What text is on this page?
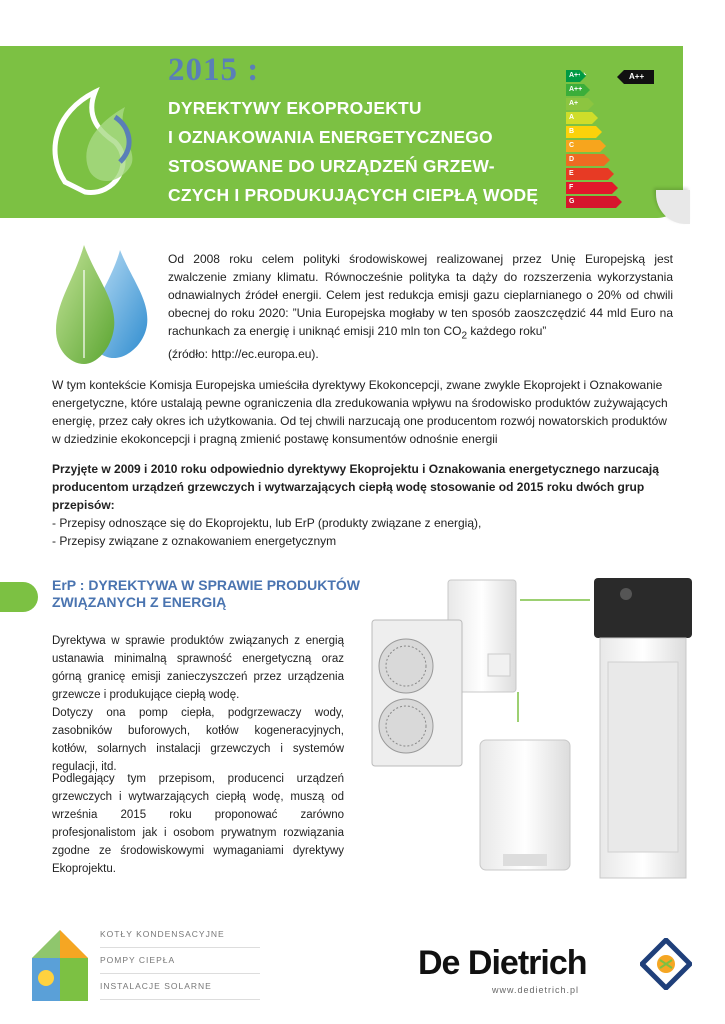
2015 :
DYREKTYWY EKOPROJEKTU
I OZNAKOWANIA ENERGETYCZNEGO
STOSOWANE DO URZĄDZEŃ GRZEW-
CZYCH I PRODUKUJĄCYCH CIEPŁĄ WODĘ
A+++
A++
A+
A
B
C
D
E
F
G
A++
Od 2008 roku celem polityki środowiskowej realizowanej przez Unię Europejską jest zwalczenie zmiany klimatu. Równocześnie polityka ta dąży do rozszerzenia wykorzystania odnawialnych źródeł energii. Celem jest redukcja emisji gazu cieplarnianego o 20% od chwili obecnej do roku 2020: ”Unia Europejska mogłaby w ten sposób zaoszczędzić 44 mld Euro na rachunkach za energię i uniknąć emisji 210 mln ton $CO_2$ każdego roku”
(źródło: http://ec.europa.eu).
W tym kontekście Komisja Europejska umieściła dyrektywy Ekokoncepcji, zwane zwykle Ekoprojekt i Oznakowanie energetyczne, które ustalają pewne ograniczenia dla zredukowania wpływu na środowisko produktów zużywających energię, przez cały okres ich użytkowania. Od tej chwili narzucają one producentom rozwój nowatorskich produktów w dziedzinie ekokoncepcji i pragną zmienić postawę konsumentów odnośnie energii
Przyjęte w 2009 i 2010 roku odpowiednio dyrektywy Ekoprojektu i Oznakowania energetycznego narzucają producentom urządzeń grzewczych i wytwarzających ciepłą wodę stosowanie od 2015 roku dwóch grup przepisów:
- Przepisy odnoszące się do Ekoprojektu, lub ErP (produkty związane z energią),
- Przepisy związane z oznakowaniem energetycznym
ErP : DYREKTYWA W SPRAWIE PRODUKTÓW
ZWIĄZANYCH Z ENERGIĄ
Dyrektywa w sprawie produktów związanych z energią ustanawia minimalną sprawność energetyczną oraz górną granicę emisji zanieczyszczeń przez urządzenia grzewcze i produkujące ciepłą wodę.
Dotyczy ona pomp ciepła, podgrzewaczy wody, zasobników buforowych, kotłów kogeneracyjnych, kotłów, solarnych instalacji grzewczych i systemów regulacji, itd.
Podlegający tym przepisom, producenci urządzeń grzewczych i wytwarzających ciepłą wodę, muszą od września 2015 roku proponować zarówno profesjonalistom jak i osobom prywatnym rozwiązania zgodne ze środowiskowymi wymaganiami dyrektywy Ekoprojektu.
KOTŁY KONDENSACYJNE
POMPY CIEPŁA
INSTALACJE SOLARNE
De Dietrich
www.dedietrich.pl
